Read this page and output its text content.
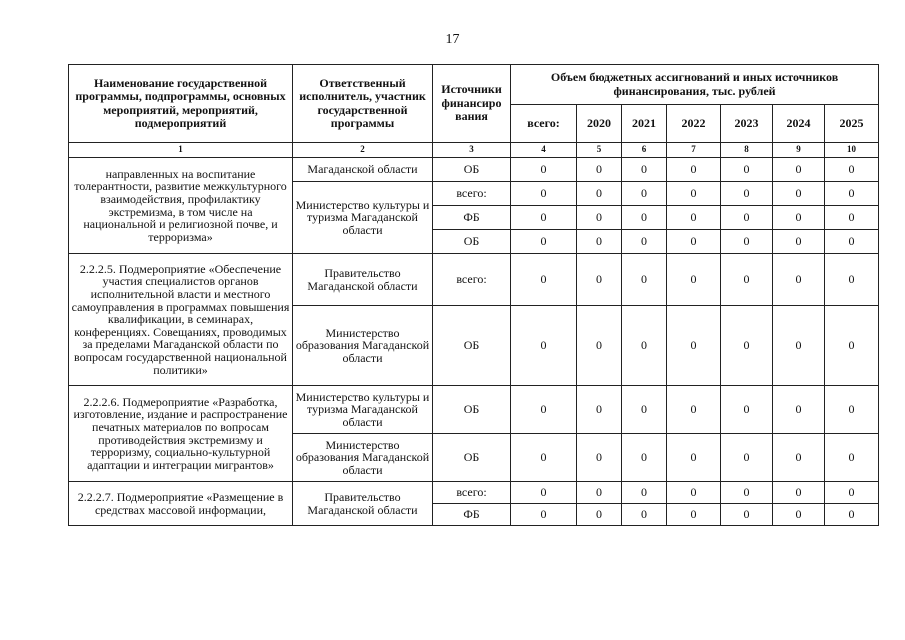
17
Наименование государственной программы, подпрограммы, основных мероприятий, мероприятий, подмероприятий	Ответственный исполнитель, участник государственной программы	Источники финансиро вания	Объем бюджетных ассигнований и иных источников финансирования, тыс. рублей						
			всего:	2020	2021	2022	2023	2024	2025
1	2	3	4	5	6	7	8	9	10
направленных на воспитание толерантности, развитие межкультурного взаимодействия, профилактику экстремизма, в том числе на национальной и религиозной почве, и терроризма»	Магаданской области	ОБ	0	0	0	0	0	0	0
	Министерство культуры и туризма Магаданской области	всего:	0	0	0	0	0	0	0
		ФБ	0	0	0	0	0	0	0
		ОБ	0	0	0	0	0	0	0
2.2.2.5. Подмероприятие «Обеспечение участия специалистов органов исполнительной власти и местного самоуправления в программах повышения квалификации, в семинарах, конференциях. Совещаниях, проводимых за пределами Магаданской области по вопросам государственной национальной политики»	Правительство Магаданской области	всего:	0	0	0	0	0	0	0
	Министерство образования Магаданской области	ОБ	0	0	0	0	0	0	0
2.2.2.6. Подмероприятие «Разработка, изготовление, издание и распространение печатных материалов по вопросам противодействия экстремизму и терроризму, социально-культурной адаптации и интеграции мигрантов»	Министерство культуры и туризма Магаданской области	ОБ	0	0	0	0	0	0	0
	Министерство образования Магаданской области	ОБ	0	0	0	0	0	0	0
2.2.2.7. Подмероприятие «Размещение в средствах массовой информации,	Правительство Магаданской области	всего:	0	0	0	0	0	0	0
		ФБ	0	0	0	0	0	0	0
